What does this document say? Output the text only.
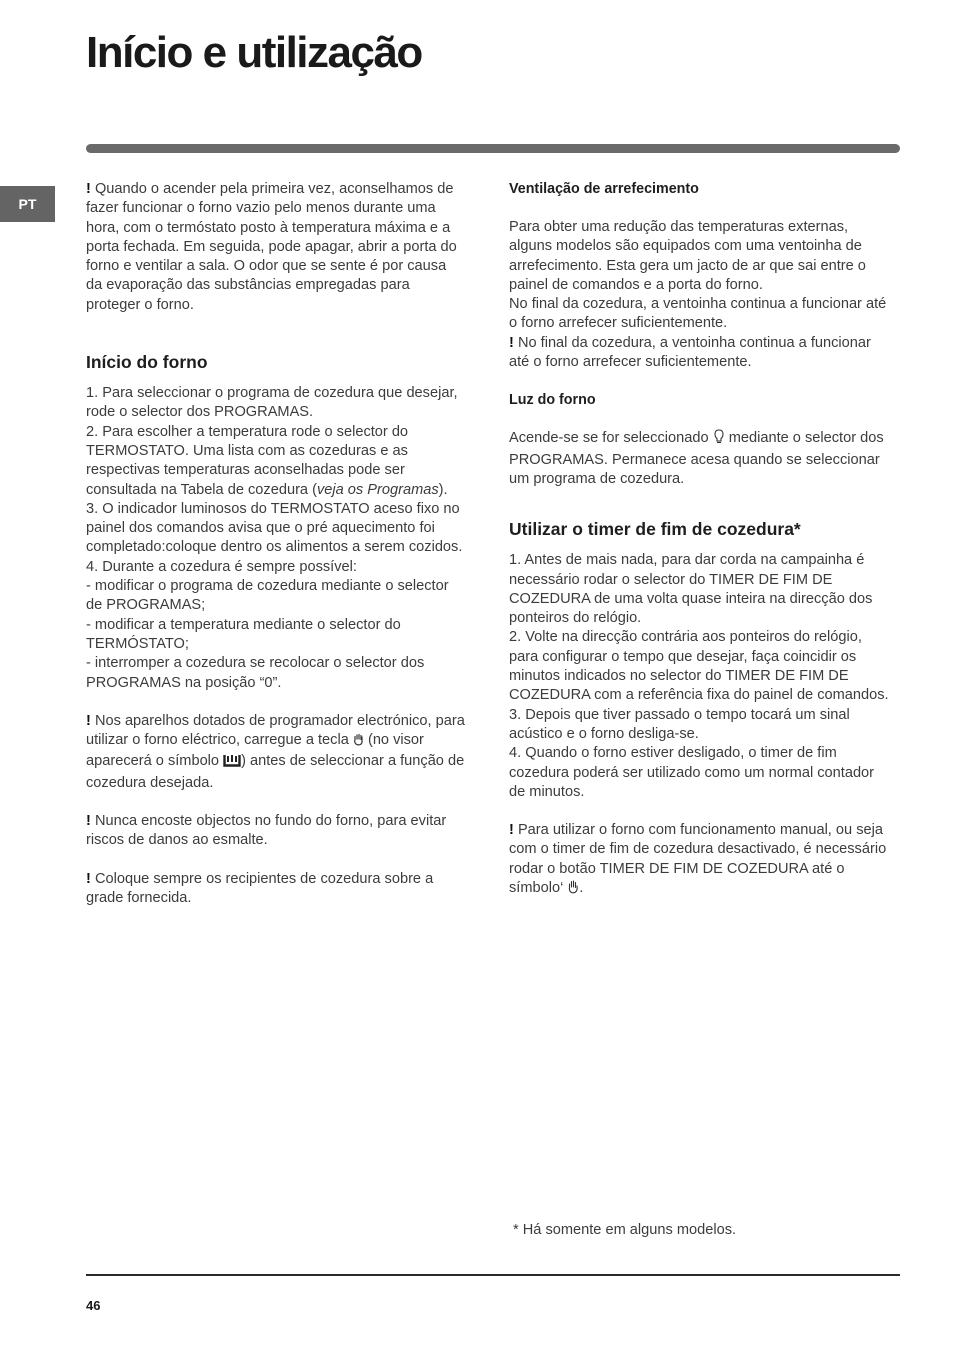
Início e utilização
PT

! Quando o acender pela primeira vez, aconselhamos de fazer funcionar o forno vazio pelo menos durante uma hora, com o termóstato posto à temperatura máxima e a porta fechada. Em seguida, pode apagar, abrir a porta do forno e ventilar a sala. O odor que se sente é por causa da evaporação das substâncias empregadas para proteger o forno.

Início do forno

1. Para seleccionar o programa de cozedura que desejar, rode o selector dos PROGRAMAS.

2. Para escolher a temperatura rode o selector do TERMOSTATO. Uma lista com as cozeduras e as respectivas temperaturas aconselhadas pode ser consultada na Tabela de cozedura (veja os Programas).

3. O indicador luminosos do TERMOSTATO aceso fixo no painel dos comandos avisa que o pré aquecimento foi completado:coloque dentro os alimentos a serem cozidos.

4. Durante a cozedura é sempre possível:

- modificar o programa de cozedura mediante o selector de PROGRAMAS;

- modificar a temperatura mediante o selector do TERMÓSTATO;

- interromper a cozedura se recolocar o selector dos PROGRAMAS na posição “0”.

! Nos aparelhos dotados de programador electrónico, para utilizar o forno eléctrico, carregue a tecla (no visor aparecerá o símbolo ) antes de seleccionar a função de cozedura desejada.

! Nunca encoste objectos no fundo do forno, para evitar riscos de danos ao esmalte.

! Coloque sempre os recipientes de cozedura sobre a grade fornecida.

Ventilação de arrefecimento

Para obter uma redução das temperaturas externas, alguns modelos são equipados com uma ventoinha de arrefecimento. Esta gera um jacto de ar que sai entre o painel de comandos e a porta do forno.

No final da cozedura, a ventoinha continua a funcionar até o forno arrefecer suficientemente.

! No final da cozedura, a ventoinha continua a funcionar até o forno arrefecer suficientemente.

Luz do forno

Acende-se se for seleccionado mediante o selector dos PROGRAMAS. Permanece acesa quando se seleccionar um programa de cozedura.

Utilizar o timer de fim de cozedura*

1. Antes de mais nada, para dar corda na campainha é necessário rodar o selector do TIMER DE FIM DE COZEDURA de uma volta quase inteira na direcção dos ponteiros do relógio.

2. Volte na direcção contrária aos ponteiros do relógio, para configurar o tempo que desejar, faça coincidir os minutos indicados no selector do TIMER DE FIM DE COZEDURA com a referência fixa do painel de comandos.

3. Depois que tiver passado o tempo tocará um sinal acústico e o forno desliga-se.

4. Quando o forno estiver desligado, o timer de fim cozedura poderá ser utilizado como um normal contador de minutos.

! Para utilizar o forno com funcionamento manual, ou seja com o timer de fim de cozedura desactivado, é necessário rodar o botão TIMER DE FIM DE COZEDURA até o símbolo‘ .

* Há somente em alguns modelos.
46
